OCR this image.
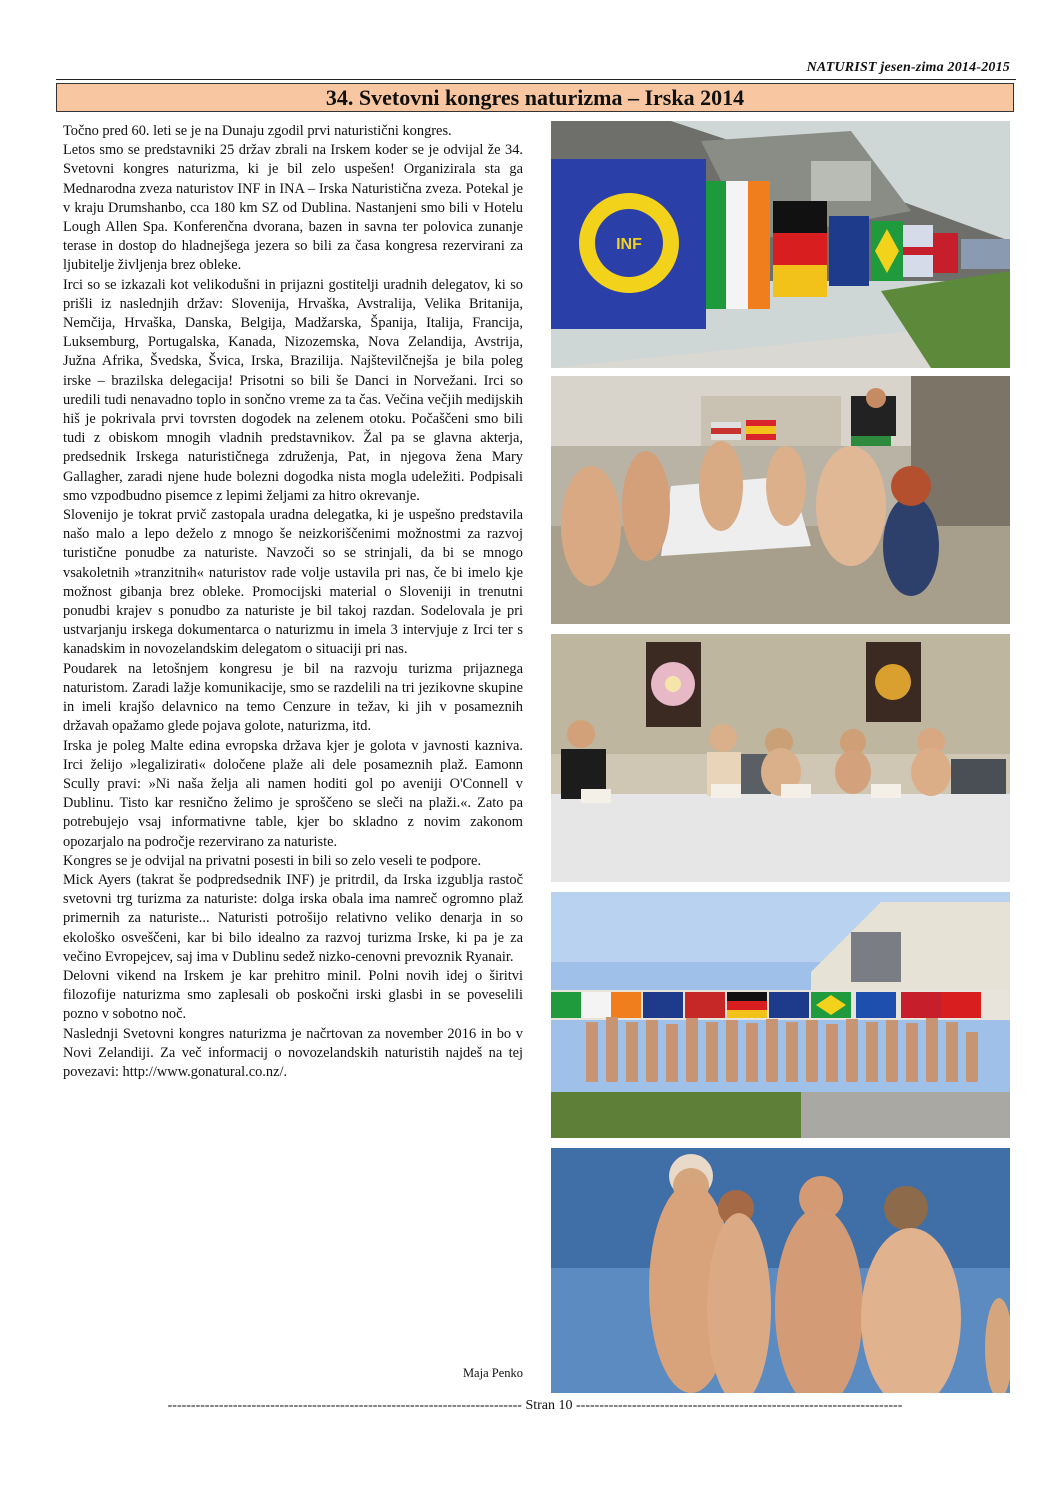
NATURIST jesen-zima 2014-2015
34. Svetovni kongres naturizma – Irska 2014

Točno pred 60. leti se je na Dunaju zgodil prvi naturistični kongres.

Letos smo se predstavniki 25 držav zbrali na Irskem koder se je odvijal že 34. Svetovni kongres naturizma, ki je bil zelo uspešen! Organizirala sta ga Mednarodna zveza naturistov INF in INA – Irska Naturistična zveza. Potekal je v kraju Drumshanbo, cca 180 km SZ od Dublina. Nastanjeni smo bili v Hotelu Lough Allen Spa. Konferenčna dvorana, bazen in savna ter polovica zunanje terase in dostop do hladnejšega jezera so bili za časa kongresa rezervirani za ljubitelje življenja brez obleke.

Irci so se izkazali kot velikodušni in prijazni gostitelji uradnih delegatov, ki so prišli iz naslednjih držav: Slovenija, Hrvaška, Avstralija, Velika Britanija, Nemčija, Hrvaška, Danska, Belgija, Madžarska, Španija, Italija, Francija, Luksemburg, Portugalska, Kanada, Nizozemska, Nova Zelandija, Avstrija, Južna Afrika, Švedska, Švica, Irska, Brazilija. Najštevilčnejša je bila poleg irske – brazilska delegacija! Prisotni so bili še Danci in Norvežani. Irci so uredili tudi nenavadno toplo in sončno vreme za ta čas. Večina večjih medijskih hiš je pokrivala prvi tovrsten dogodek na zelenem otoku. Počaščeni smo bili tudi z obiskom mnogih vladnih predstavnikov. Žal pa se glavna akterja, predsednik Irskega naturističnega združenja, Pat, in njegova žena Mary Gallagher, zaradi njene hude bolezni dogodka nista mogla udeležiti. Podpisali smo vzpodbudno pisemce z lepimi željami za hitro okrevanje.

Slovenijo je tokrat prvič zastopala uradna delegatka, ki je uspešno predstavila našo malo a lepo deželo z mnogo še neizkoriščenimi možnostmi za razvoj turistične ponudbe za naturiste. Navzoči so se strinjali, da bi se mnogo vsakoletnih »tranzitnih« naturistov rade volje ustavila pri nas, če bi imelo kje možnost gibanja brez obleke. Promocijski material o Sloveniji in trenutni ponudbi krajev s ponudbo za naturiste je bil takoj razdan. Sodelovala je pri ustvarjanju irskega dokumentarca o naturizmu in imela 3 intervjuje z Irci ter s kanadskim in novozelandskim delegatom o situaciji pri nas.

Poudarek na letošnjem kongresu je bil na razvoju turizma prijaznega naturistom. Zaradi lažje komunikacije, smo se razdelili na tri jezikovne skupine in imeli krajšo delavnico na temo Cenzure in težav, ki jih v posameznih državah opažamo glede pojava golote, naturizma, itd.

Irska je poleg Malte edina evropska država kjer je golota v javnosti kazniva. Irci želijo »legalizirati« določene plaže ali dele posameznih plaž. Eamonn Scully pravi: »Ni naša želja ali namen hoditi gol po aveniji O'Connell v Dublinu. Tisto kar resnično želimo je sproščeno se sleči na plaži.«. Zato pa potrebujejo vsaj informativne table, kjer bo skladno z novim zakonom opozarjalo na področje rezervirano za naturiste.

Kongres se je odvijal na privatni posesti in bili so zelo veseli te podpore.

Mick Ayers (takrat še podpredsednik INF) je pritrdil, da Irska izgublja rastoč svetovni trg turizma za naturiste: dolga irska obala ima namreč ogromno plaž primernih za naturiste... Naturisti potrošijo relativno veliko denarja in so ekološko osveščeni, kar bi bilo idealno za razvoj turizma Irske, ki pa je za večino Evropejcev, saj ima v Dublinu sedež nizko-cenovni prevoznik Ryanair.

Delovni vikend na Irskem je kar prehitro minil. Polni novih idej o širitvi filozofije naturizma smo zaplesali ob poskočni irski glasbi in se poveselili pozno v sobotno noč.

Naslednji Svetovni kongres naturizma je načrtovan za november 2016 in bo v Novi Zelandiji. Za več informacij o novozelandskih naturistih najdeš na tej povezavi: http://www.gonatural.co.nz/.

Maja Penko
INF
---------------------------------------------------------------------------- Stran 10 ----------------------------------------------------------------------
